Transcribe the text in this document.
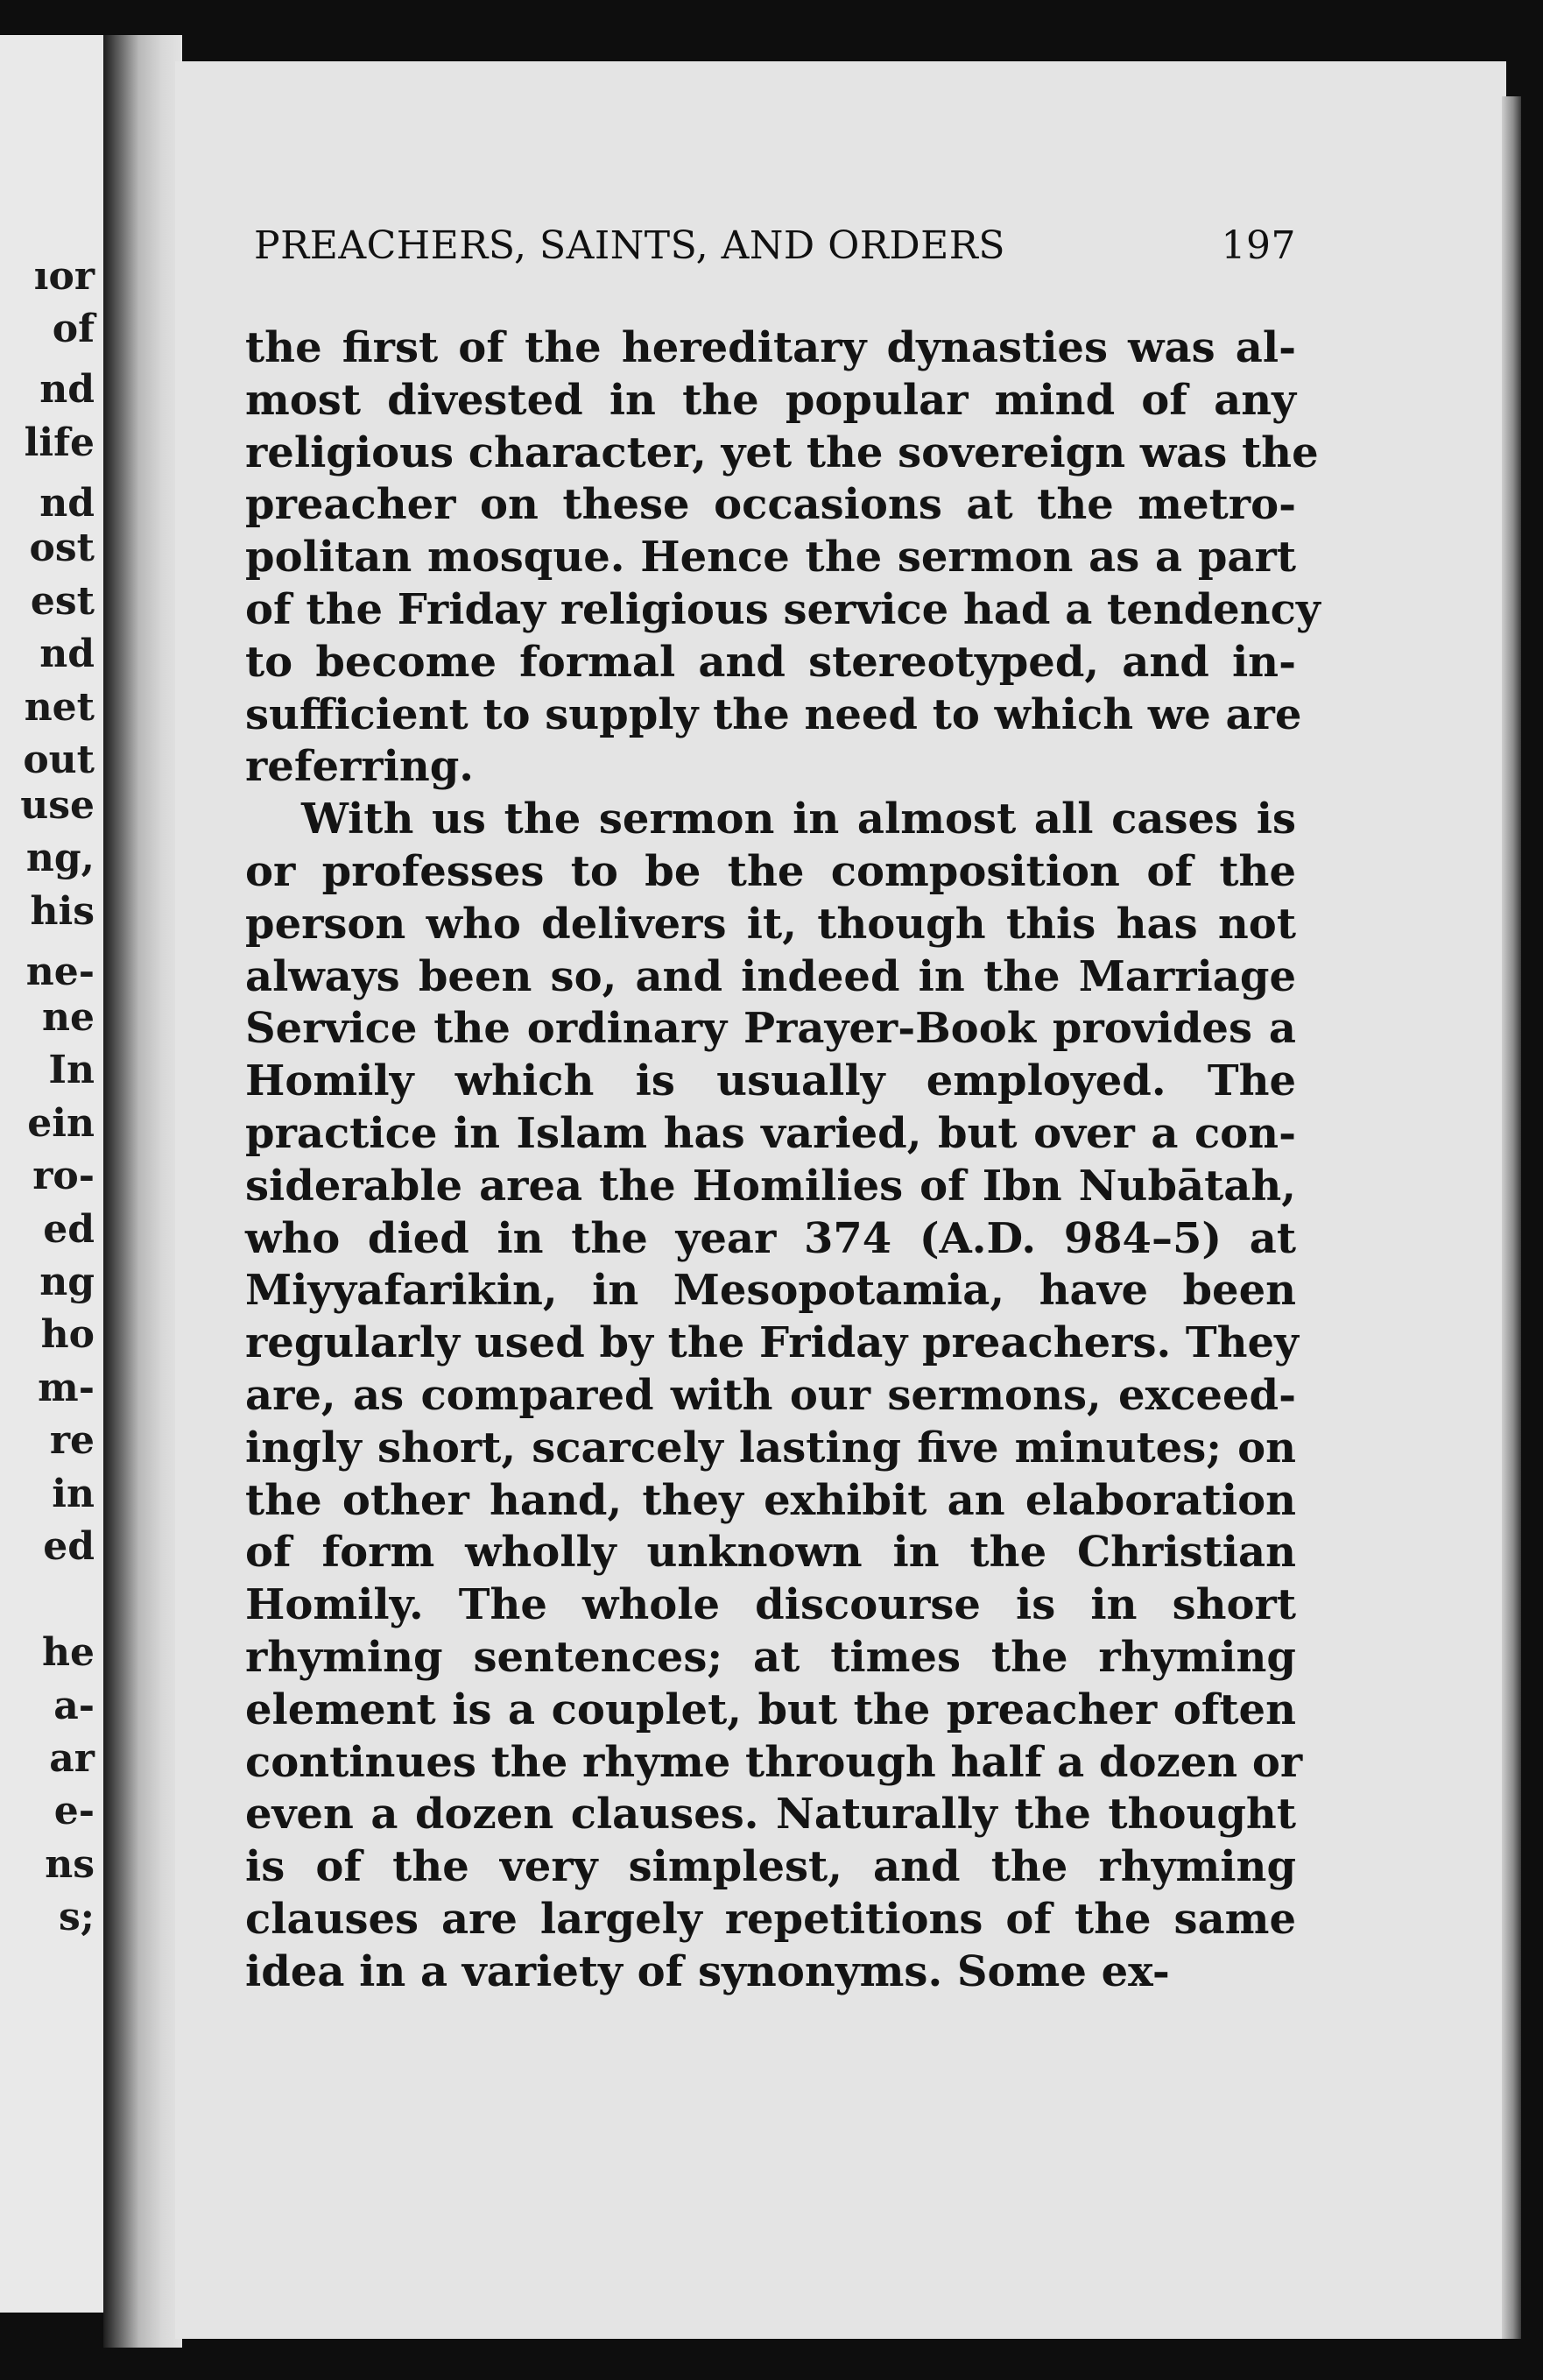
ıor
of
nd
life
nd
ost
est
nd
net
out
use
ng,
his
ne-
ne
In
ein
ro-
ed
ng
ho
m-
re
in
ed
he
a-
ar
e-
ns
s;
PREACHERS, SAINTS, AND ORDERS	197
the first of the hereditary dynasties was al-
most divested in the popular mind of any
religious character, yet the sovereign was the
preacher on these occasions at the metro-
politan mosque. Hence the sermon as a part
of the Friday religious service had a tendency
to become formal and stereotyped, and in-
sufficient to supply the need to which we are
referring.
With us the sermon in almost all cases is
or professes to be the composition of the
person who delivers it, though this has not
always been so, and indeed in the Marriage
Service the ordinary Prayer-Book provides a
Homily which is usually employed. The
practice in Islam has varied, but over a con-
siderable area the Homilies of Ibn Nubātah,
who died in the year 374 (A.D. 984–5) at
Miyyafarikin, in Mesopotamia, have been
regularly used by the Friday preachers. They
are, as compared with our sermons, exceed-
ingly short, scarcely lasting five minutes; on
the other hand, they exhibit an elaboration
of form wholly unknown in the Christian
Homily. The whole discourse is in short
rhyming sentences; at times the rhyming
element is a couplet, but the preacher often
continues the rhyme through half a dozen or
even a dozen clauses. Naturally the thought
is of the very simplest, and the rhyming
clauses are largely repetitions of the same
idea in a variety of synonyms. Some ex-
